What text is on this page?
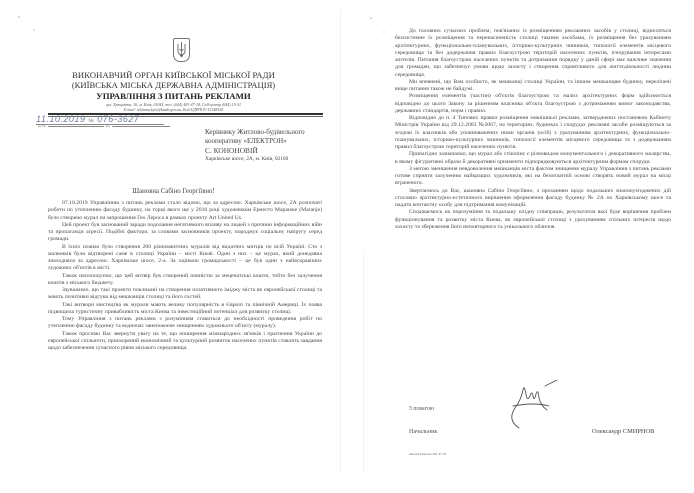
ВИКОНАВЧИЙ ОРГАН КИЇВСЬКОЇ МІСЬКОЇ РАДИ
(КИЇВСЬКА МІСЬКА ДЕРЖАВНА АДМІНІСТРАЦІЯ)
УПРАВЛІННЯ З ПИТАНЬ РЕКЛАМИ
вул. Хрещатик, 36, м. Київ, 01044, тел. (044) 481-47-18, Call-центр (044) 15-51
E-mail: reklama.kyiv@kmda.gov.ua, Код ЄДРПОУ 41348526
11.10.2019 № 076-3627
на №	від
Керівнику Житлово-будівельного
кооперативу «ЕЛЕКТРОН»
С. КОНОНОВІЙ
Харківське шосе, 2А, м. Київ, 02160
Шановна Сабіно Георгіївно!

07.10.2019 Управлінню з питань реклами стало відомо, що за адресою: Харківське шосе, 2А розпочаті роботи по утепленню фасаду будинку, на торці якого ще у 2016 році художником Ернесто Маранже (Maranje) було створено мурал на запрошення Гео Лероса в рамках проекту Art United Us.

Цей проект був заснований заради подолання негативного впливу на людей з причини інформаційних війн та пропаганди агресії. Подібні фактори, за словами засновників проекту, породжує соціальну напругу серед громади.

В їхніх планах було створення 200 різноманітних муралів від видатних митців по всій Україні. Сто з малюнків були відтворені саме в столиці України – місті Києві. Один з них – це мурал, який донедавна знаходився за адресою: Харківське шосе, 2-а. За оцінкою громадськості – це був один з найяскравіших художних об'єктів в місті.

Також наголошуємо, що цей витвір був створений повністю за меценатські кошти, тобто без залучення коштів з міського бюджету.

Зауважимо, що такі проекти покликані на створення позитивного іміджу міста як європейської столиці та мають позитивні відгуки від мешканців столиці та його гостей.

Такі витвори мистецтва як мурали мають велику популярність в Європі та північній Америці. Їх поява підвищила туристичну привабливість міста Києва та інвестиційний потенціал для розвитку столиці.

Тому Управління з питань реклами з розумінням ставиться до необхідності проведення робіт по утепленню фасаду будинку та водночас занепокоєне знищенням художнього об'єкту (муралу).

Також просимо Вас звернути увагу на те, що поширення міжнародних зв'язків і прагнення України до європейської спільноти, прискорений економічний та культурний розвиток населених пунктів ставлять завдання щодо забезпечення сучасного рівня міського середовища.

До головних сучасних проблем, пов'язаних із розміщенням рекламних засобів у столиці, відносяться безсистемне їх розміщення та перенасиченість столиці такими засобами, їх розміщення без урахуванням архітектурних, функціонально-планувальних, історико-культурних чинників, типології елементів місцевого середовища та без додержання правил благоустрою територій населених пунктів, ігнорування інтересами жителів. Питання благоустрою населених пунктів та дотримання порядку у даній сфері має важливе значення для громадян, що забезпечує умови щодо захисту і створення сприятливого для життєдіяльності людини середовища.

Ми впевнені, що Вам особисто, як мешканці столиці України, та іншим мешканцям будинку, перелічені вище питання також не байдужі.

Розміщення елементів (частин) об'єктів благоустрою та малих архітектурних форм здійснюється відповідно до цього Закону за рішенням власника об'єкта благоустрою з дотриманням вимог законодавства, державних стандартів, норм і правил.

Відповідно до п. 4 Типових правил розміщення зовнішньої реклами, затверджених постановою Кабінету Міністрів України від 29.12.2003 №2067, на територіях, будинках і спорудах рекламні засоби розміщуються за згодою їх власників або уповноважених ними органів (осіб) з урахуванням архітектурних, функціонально-планувальних, історико-культурних чинників, типології елементів місцевого середовища та з додержанням правил благоустрою територій населених пунктів.

Принагідно зазначаємо, що мурал або стінопис є різновидом монументального і декоративного малярства, в якому фігуративні образи й декоративні орнаменти підпорядковуються архітектурним формам споруди.

З метою зменшення невдоволення мешканців міста фактом знищення муралу Управління з питань реклами готове сприяти залученню найкращих художників, які на безоплатній основі створять новий мурал на місці втраченого.

Звертаємось до Вас, шановна Сабіно Георгіївно, з проханням щодо подальших взаємоузгоджених дій стосовно архітектурно-естетичного вирішення оформлення фасаду будинку № 2А по Харківському шосе та надати контактну особу для підтримання комунікацій.

Сподіваємось на порозуміння та подальшу плідну співпрацю, результатом якої буде вирішення проблем функціонування та розвитку міста Києва, як європейської столиці з урахуванням спільних інтересів щодо захисту та збереження його неповторного та унікального обличчя.

З повагою
Начальник	Олександр СМИРНОВ
Оксана Поножа 481 47 18
